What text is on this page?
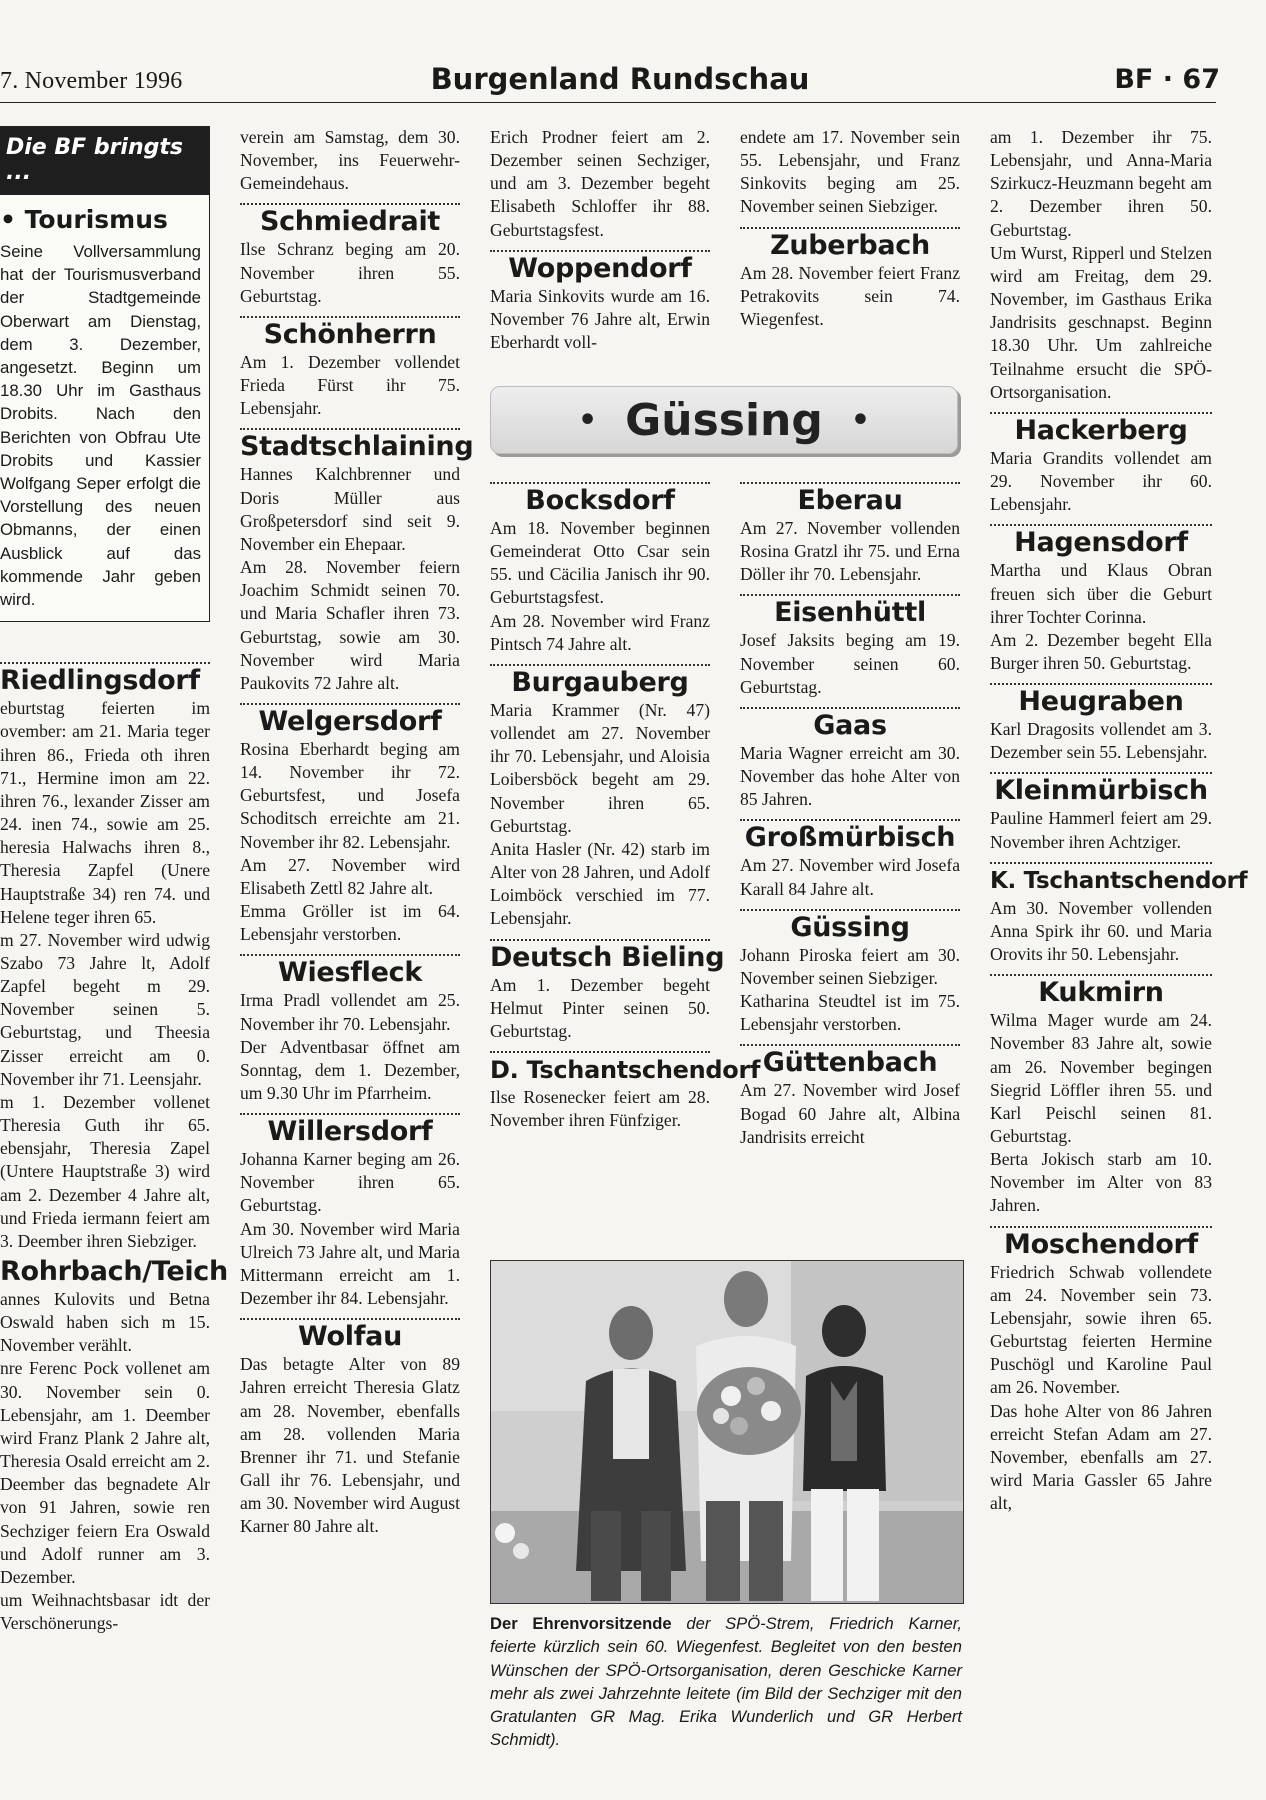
7. November 1996	Burgenland Rundschau	BF · 67
Die BF bringts ...
• Tourismus

Seine Vollversammlung hat der Tourismusverband der Stadtgemeinde Oberwart am Dienstag, dem 3. Dezember, angesetzt. Beginn um 18.30 Uhr im Gasthaus Drobits. Nach den Berichten von Obfrau Ute Drobits und Kassier Wolfgang Seper erfolgt die Vorstellung des neuen Obmanns, der einen Ausblick auf das kommende Jahr geben wird.

Riedlingsdorf

eburtstag feierten im ovember: am 21. Maria teger ihren 86., Frieda oth ihren 71., Hermine imon am 22. ihren 76., lexander Zisser am 24. inen 74., sowie am 25. heresia Halwachs ihren 8., Theresia Zapfel (Unere Hauptstraße 34) ren 74. und Helene teger ihren 65.

m 27. November wird udwig Szabo 73 Jahre lt, Adolf Zapfel begeht m 29. November seinen 5. Geburtstag, und Theesia Zisser erreicht am 0. November ihr 71. Leensjahr.

m 1. Dezember vollenet Theresia Guth ihr 65. ebensjahr, Theresia Zapel (Untere Hauptstraße 3) wird am 2. Dezember 4 Jahre alt, und Frieda iermann feiert am 3. Deember ihren Siebziger.

Rohrbach/Teich

annes Kulovits und Betna Oswald haben sich m 15. November verählt.

nre Ferenc Pock vollenet am 30. November sein 0. Lebensjahr, am 1. Deember wird Franz Plank 2 Jahre alt, Theresia Osald erreicht am 2. Deember das begnadete Alr von 91 Jahren, sowie ren Sechziger feiern Era Oswald und Adolf runner am 3. Dezember.

um Weihnachtsbasar idt der Verschönerungs-

verein am Samstag, dem 30. November, ins Feuerwehr-Gemeindehaus.

Schmiedrait

Ilse Schranz beging am 20. November ihren 55. Geburtstag.

Schönherrn

Am 1. Dezember vollendet Frieda Fürst ihr 75. Lebensjahr.

Stadtschlaining

Hannes Kalchbrenner und Doris Müller aus Großpetersdorf sind seit 9. November ein Ehepaar.

Am 28. November feiern Joachim Schmidt seinen 70. und Maria Schafler ihren 73. Geburtstag, sowie am 30. November wird Maria Paukovits 72 Jahre alt.

Welgersdorf

Rosina Eberhardt beging am 14. November ihr 72. Geburtsfest, und Josefa Schoditsch erreichte am 21. November ihr 82. Lebensjahr.

Am 27. November wird Elisabeth Zettl 82 Jahre alt.

Emma Gröller ist im 64. Lebensjahr verstorben.

Wiesfleck

Irma Pradl vollendet am 25. November ihr 70. Lebensjahr.

Der Adventbasar öffnet am Sonntag, dem 1. Dezember, um 9.30 Uhr im Pfarrheim.

Willersdorf

Johanna Karner beging am 26. November ihren 65. Geburtstag.

Am 30. November wird Maria Ulreich 73 Jahre alt, und Maria Mittermann erreicht am 1. Dezember ihr 84. Lebensjahr.

Wolfau

Das betagte Alter von 89 Jahren erreicht Theresia Glatz am 28. November, ebenfalls am 28. vollenden Maria Brenner ihr 71. und Stefanie Gall ihr 76. Lebensjahr, und am 30. November wird August Karner 80 Jahre alt.

Erich Prodner feiert am 2. Dezember seinen Sechziger, und am 3. Dezember begeht Elisabeth Schloffer ihr 88. Geburtstagsfest.

Woppendorf

Maria Sinkovits wurde am 16. November 76 Jahre alt, Erwin Eberhardt voll-

endete am 17. November sein 55. Lebensjahr, und Franz Sinkovits beging am 25. November seinen Siebziger.

Zuberbach

Am 28. November feiert Franz Petrakovits sein 74. Wiegenfest.

• Güssing •
Bocksdorf

Am 18. November beginnen Gemeinderat Otto Csar sein 55. und Cäcilia Janisch ihr 90. Geburtstagsfest.

Am 28. November wird Franz Pintsch 74 Jahre alt.

Burgauberg

Maria Krammer (Nr. 47) vollendet am 27. November ihr 70. Lebensjahr, und Aloisia Loibersböck begeht am 29. November ihren 65. Geburtstag.

Anita Hasler (Nr. 42) starb im Alter von 28 Jahren, und Adolf Loimböck verschied im 77. Lebensjahr.

Deutsch Bieling

Am 1. Dezember begeht Helmut Pinter seinen 50. Geburtstag.

D. Tschantschendorf

Ilse Rosenecker feiert am 28. November ihren Fünfziger.

Eberau

Am 27. November vollenden Rosina Gratzl ihr 75. und Erna Döller ihr 70. Lebensjahr.

Eisenhüttl

Josef Jaksits beging am 19. November seinen 60. Geburtstag.

Gaas

Maria Wagner erreicht am 30. November das hohe Alter von 85 Jahren.

Großmürbisch

Am 27. November wird Josefa Karall 84 Jahre alt.

Güssing

Johann Piroska feiert am 30. November seinen Siebziger.

Katharina Steudtel ist im 75. Lebensjahr verstorben.

Güttenbach

Am 27. November wird Josef Bogad 60 Jahre alt, Albina Jandrisits erreicht

Der Ehrenvorsitzende der SPÖ-Strem, Friedrich Karner, feierte kürzlich sein 60. Wiegenfest. Begleitet von den besten Wünschen der SPÖ-Ortsorganisation, deren Geschicke Karner mehr als zwei Jahrzehnte leitete (im Bild der Sechziger mit den Gratulanten GR Mag. Erika Wunderlich und GR Herbert Schmidt).

am 1. Dezember ihr 75. Lebensjahr, und Anna-Maria Szirkucz-Heuzmann begeht am 2. Dezember ihren 50. Geburtstag.

Um Wurst, Ripperl und Stelzen wird am Freitag, dem 29. November, im Gasthaus Erika Jandrisits geschnapst. Beginn 18.30 Uhr. Um zahlreiche Teilnahme ersucht die SPÖ-Ortsorganisation.

Hackerberg

Maria Grandits vollendet am 29. November ihr 60. Lebensjahr.

Hagensdorf

Martha und Klaus Obran freuen sich über die Geburt ihrer Tochter Corinna.

Am 2. Dezember begeht Ella Burger ihren 50. Geburtstag.

Heugraben

Karl Dragosits vollendet am 3. Dezember sein 55. Lebensjahr.

Kleinmürbisch

Pauline Hammerl feiert am 29. November ihren Achtziger.

K. Tschantschendorf

Am 30. November vollenden Anna Spirk ihr 60. und Maria Orovits ihr 50. Lebensjahr.

Kukmirn

Wilma Mager wurde am 24. November 83 Jahre alt, sowie am 26. November begingen Siegrid Löffler ihren 55. und Karl Peischl seinen 81. Geburtstag.

Berta Jokisch starb am 10. November im Alter von 83 Jahren.

Moschendorf

Friedrich Schwab vollendete am 24. November sein 73. Lebensjahr, sowie ihren 65. Geburtstag feierten Hermine Puschögl und Karoline Paul am 26. November.

Das hohe Alter von 86 Jahren erreicht Stefan Adam am 27. November, ebenfalls am 27. wird Maria Gassler 65 Jahre alt,
